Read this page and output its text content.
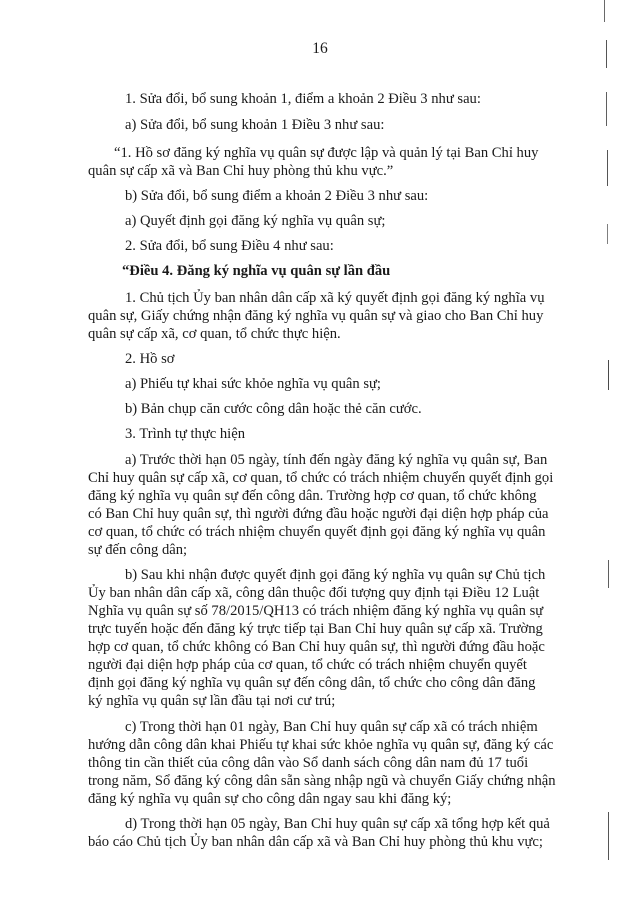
16
1. Sửa đổi, bổ sung khoản 1, điểm a khoản 2 Điều 3 như sau:
a) Sửa đổi, bổ sung khoản 1 Điều 3 như sau:
“1. Hồ sơ đăng ký nghĩa vụ quân sự được lập và quản lý tại Ban Chỉ huy
quân sự cấp xã và Ban Chỉ huy phòng thủ khu vực.”
b) Sửa đổi, bổ sung điểm a khoản 2 Điều 3 như sau:
a) Quyết định gọi đăng ký nghĩa vụ quân sự;
2. Sửa đổi, bổ sung Điều 4 như sau:
“Điều 4. Đăng ký nghĩa vụ quân sự lần đầu
1. Chủ tịch Ủy ban nhân dân cấp xã ký quyết định gọi đăng ký nghĩa vụ
quân sự, Giấy chứng nhận đăng ký nghĩa vụ quân sự và giao cho Ban Chỉ huy
quân sự cấp xã, cơ quan, tổ chức thực hiện.
2. Hồ sơ
a) Phiếu tự khai sức khỏe nghĩa vụ quân sự;
b) Bản chụp căn cước công dân hoặc thẻ căn cước.
3. Trình tự thực hiện
a) Trước thời hạn 05 ngày, tính đến ngày đăng ký nghĩa vụ quân sự, Ban
Chỉ huy quân sự cấp xã, cơ quan, tổ chức có trách nhiệm chuyển quyết định gọi
đăng ký nghĩa vụ quân sự đến công dân. Trường hợp cơ quan, tổ chức không
có Ban Chỉ huy quân sự, thì người đứng đầu hoặc người đại diện hợp pháp của
cơ quan, tổ chức có trách nhiệm chuyển quyết định gọi đăng ký nghĩa vụ quân
sự đến công dân;
b) Sau khi nhận được quyết định gọi đăng ký nghĩa vụ quân sự Chủ tịch
Ủy ban nhân dân cấp xã, công dân thuộc đối tượng quy định tại Điều 12 Luật
Nghĩa vụ quân sự số 78/2015/QH13 có trách nhiệm đăng ký nghĩa vụ quân sự
trực tuyến hoặc đến đăng ký trực tiếp tại Ban Chỉ huy quân sự cấp xã. Trường
hợp cơ quan, tổ chức không có Ban Chỉ huy quân sự, thì người đứng đầu hoặc
người đại diện hợp pháp của cơ quan, tổ chức có trách nhiệm chuyển quyết
định gọi đăng ký nghĩa vụ quân sự đến công dân, tổ chức cho công dân đăng
ký nghĩa vụ quân sự lần đầu tại nơi cư trú;
c) Trong thời hạn 01 ngày, Ban Chỉ huy quân sự cấp xã có trách nhiệm
hướng dẫn công dân khai Phiếu tự khai sức khỏe nghĩa vụ quân sự, đăng ký các
thông tin cần thiết của công dân vào Sổ danh sách công dân nam đủ 17 tuổi
trong năm, Sổ đăng ký công dân sẵn sàng nhập ngũ và chuyển Giấy chứng nhận
đăng ký nghĩa vụ quân sự cho công dân ngay sau khi đăng ký;
d) Trong thời hạn 05 ngày, Ban Chỉ huy quân sự cấp xã tổng hợp kết quả
báo cáo Chủ tịch Ủy ban nhân dân cấp xã và Ban Chỉ huy phòng thủ khu vực;
